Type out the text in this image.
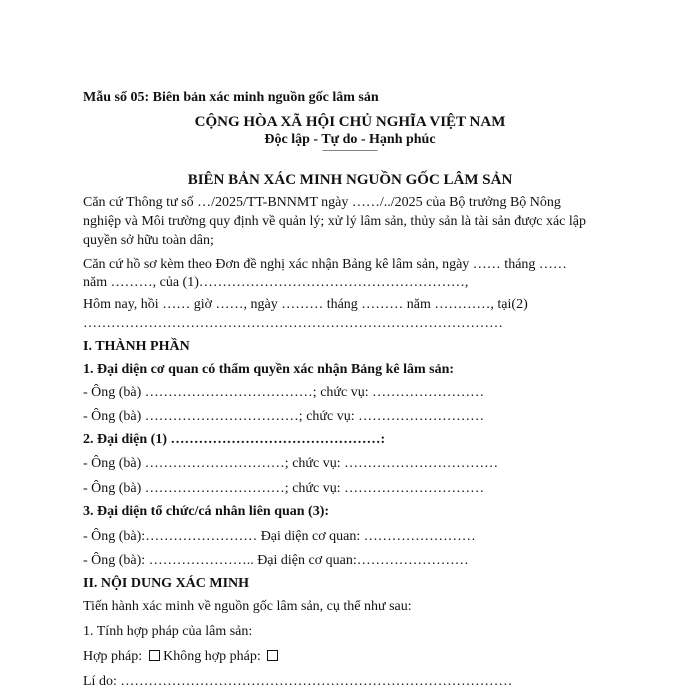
Mẫu số 05: Biên bản xác minh nguồn gốc lâm sản
CỘNG HÒA XÃ HỘI CHỦ NGHĨA VIỆT NAM
Độc lập - Tự do - Hạnh phúc
–––––––––––
BIÊN BẢN XÁC MINH NGUỒN GỐC LÂM SẢN
Căn cứ Thông tư số …/2025/TT-BNNMT ngày ……/../2025 của Bộ trưởng Bộ Nông
nghiệp và Môi trường quy định về quản lý; xử lý lâm sản, thủy sản là tài sản được xác lập
quyền sở hữu toàn dân;
Căn cứ hồ sơ kèm theo Đơn đề nghị xác nhận Bảng kê lâm sản, ngày …… tháng ……
năm ………, của (1)…………………………………………………,
Hôm nay, hồi …… giờ ……, ngày ……… tháng ……… năm …………, tại(2)
………………………………………………………………………………
I. THÀNH PHẦN
1. Đại diện cơ quan có thẩm quyền xác nhận Bảng kê lâm sản:
- Ông (bà) ………………………………; chức vụ: ……………………
- Ông (bà) ……………………………; chức vụ: ………………………
2. Đại diện (1) ………………………………………:
- Ông (bà) …………………………; chức vụ: ……………………………
- Ông (bà) …………………………; chức vụ: …………………………
3. Đại diện tổ chức/cá nhân liên quan (3):
- Ông (bà):…………………… Đại diện cơ quan: ……………………
- Ông (bà): ………………….. Đại diện cơ quan:……………………
II. NỘI DUNG XÁC MINH
Tiến hành xác minh về nguồn gốc lâm sản, cụ thể như sau:
1. Tính hợp pháp của lâm sản:
Hợp pháp: Không hợp pháp:
Lí do: …………………………………………………………………………
